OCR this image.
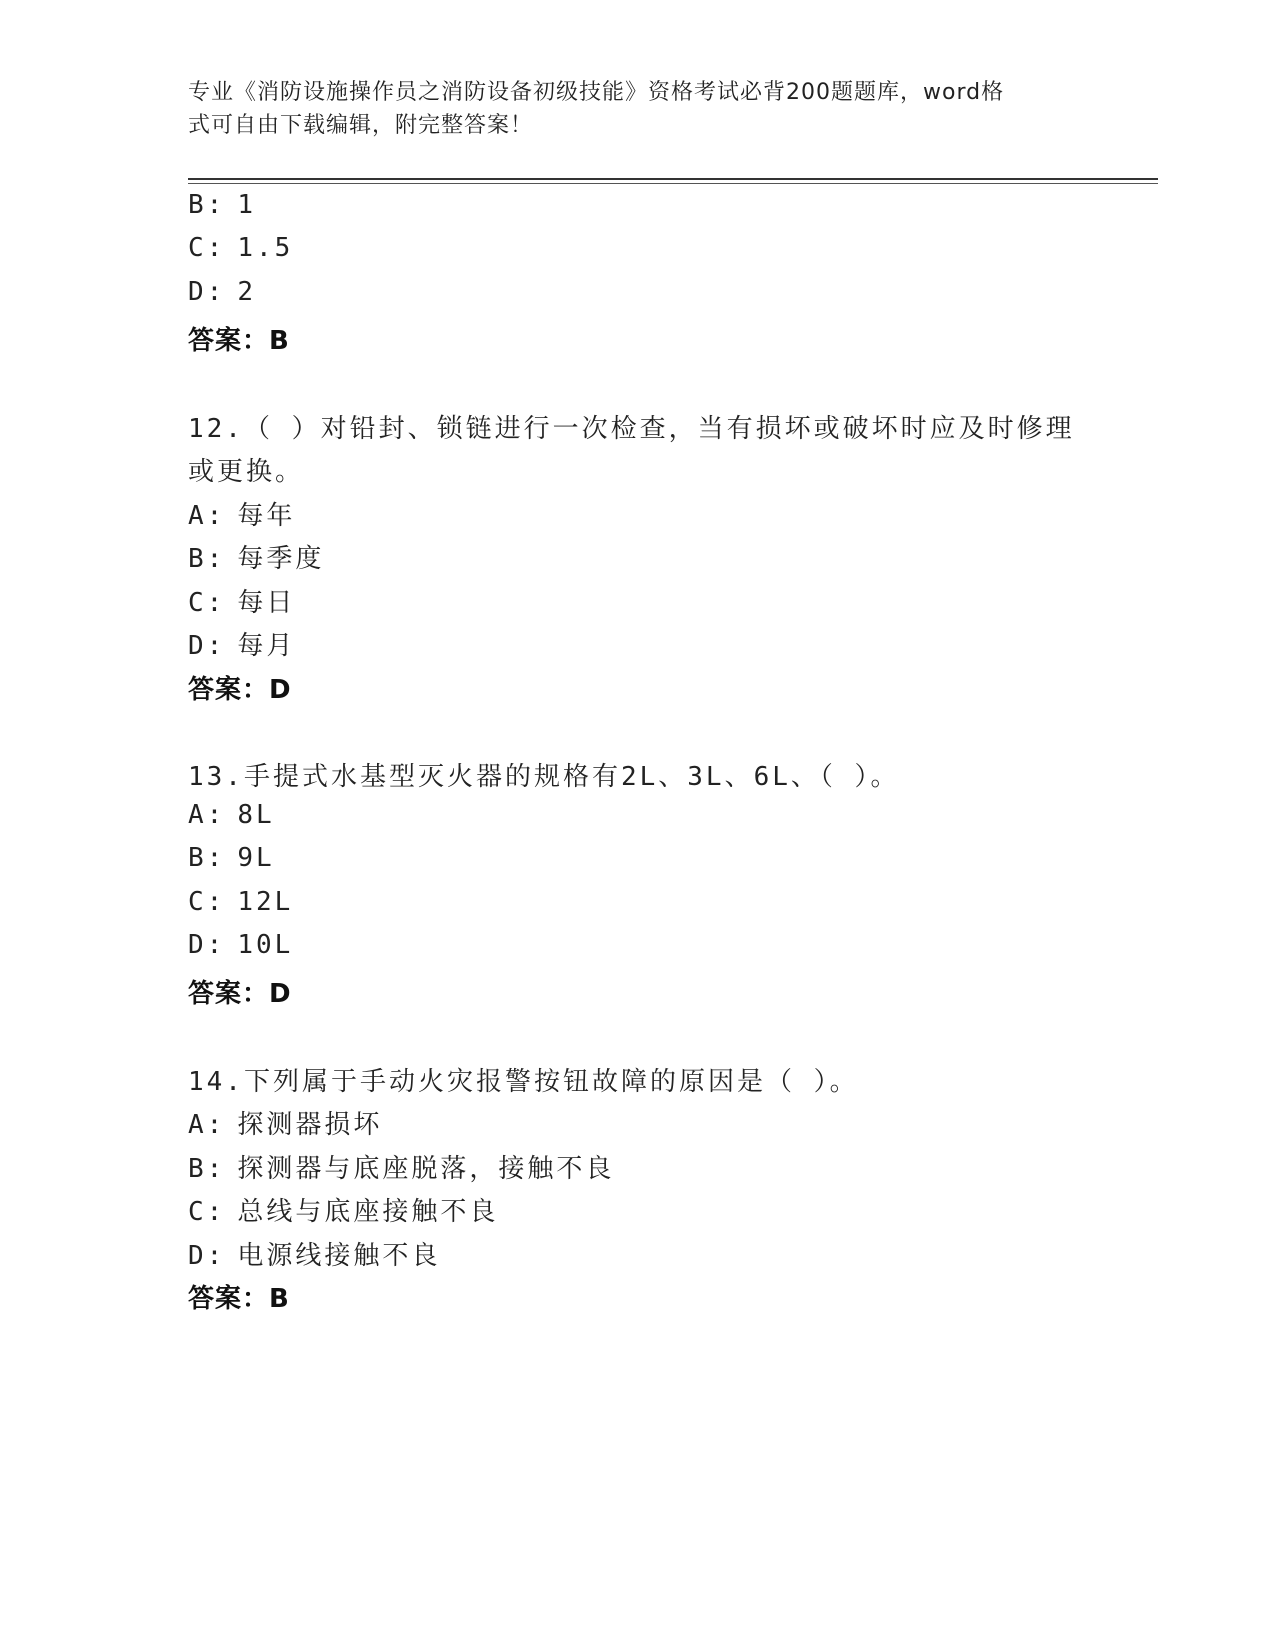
专业《消防设施操作员之消防设备初级技能》资格考试必背200题题库，word格
式可自由下载编辑，附完整答案！
B: 1
C: 1.5
D: 2
答案：B
12.（ ）对铅封、锁链进行一次检查，当有损坏或破坏时应及时修理
或更换。
A: 每年
B: 每季度
C: 每日
D: 每月
答案：D
13.手提式水基型灭火器的规格有2L、3L、6L、（ ）。
A: 8L
B: 9L
C: 12L
D: 10L
答案：D
14.下列属于手动火灾报警按钮故障的原因是（ ）。
A: 探测器损坏
B: 探测器与底座脱落，接触不良
C: 总线与底座接触不良
D: 电源线接触不良
答案：B
